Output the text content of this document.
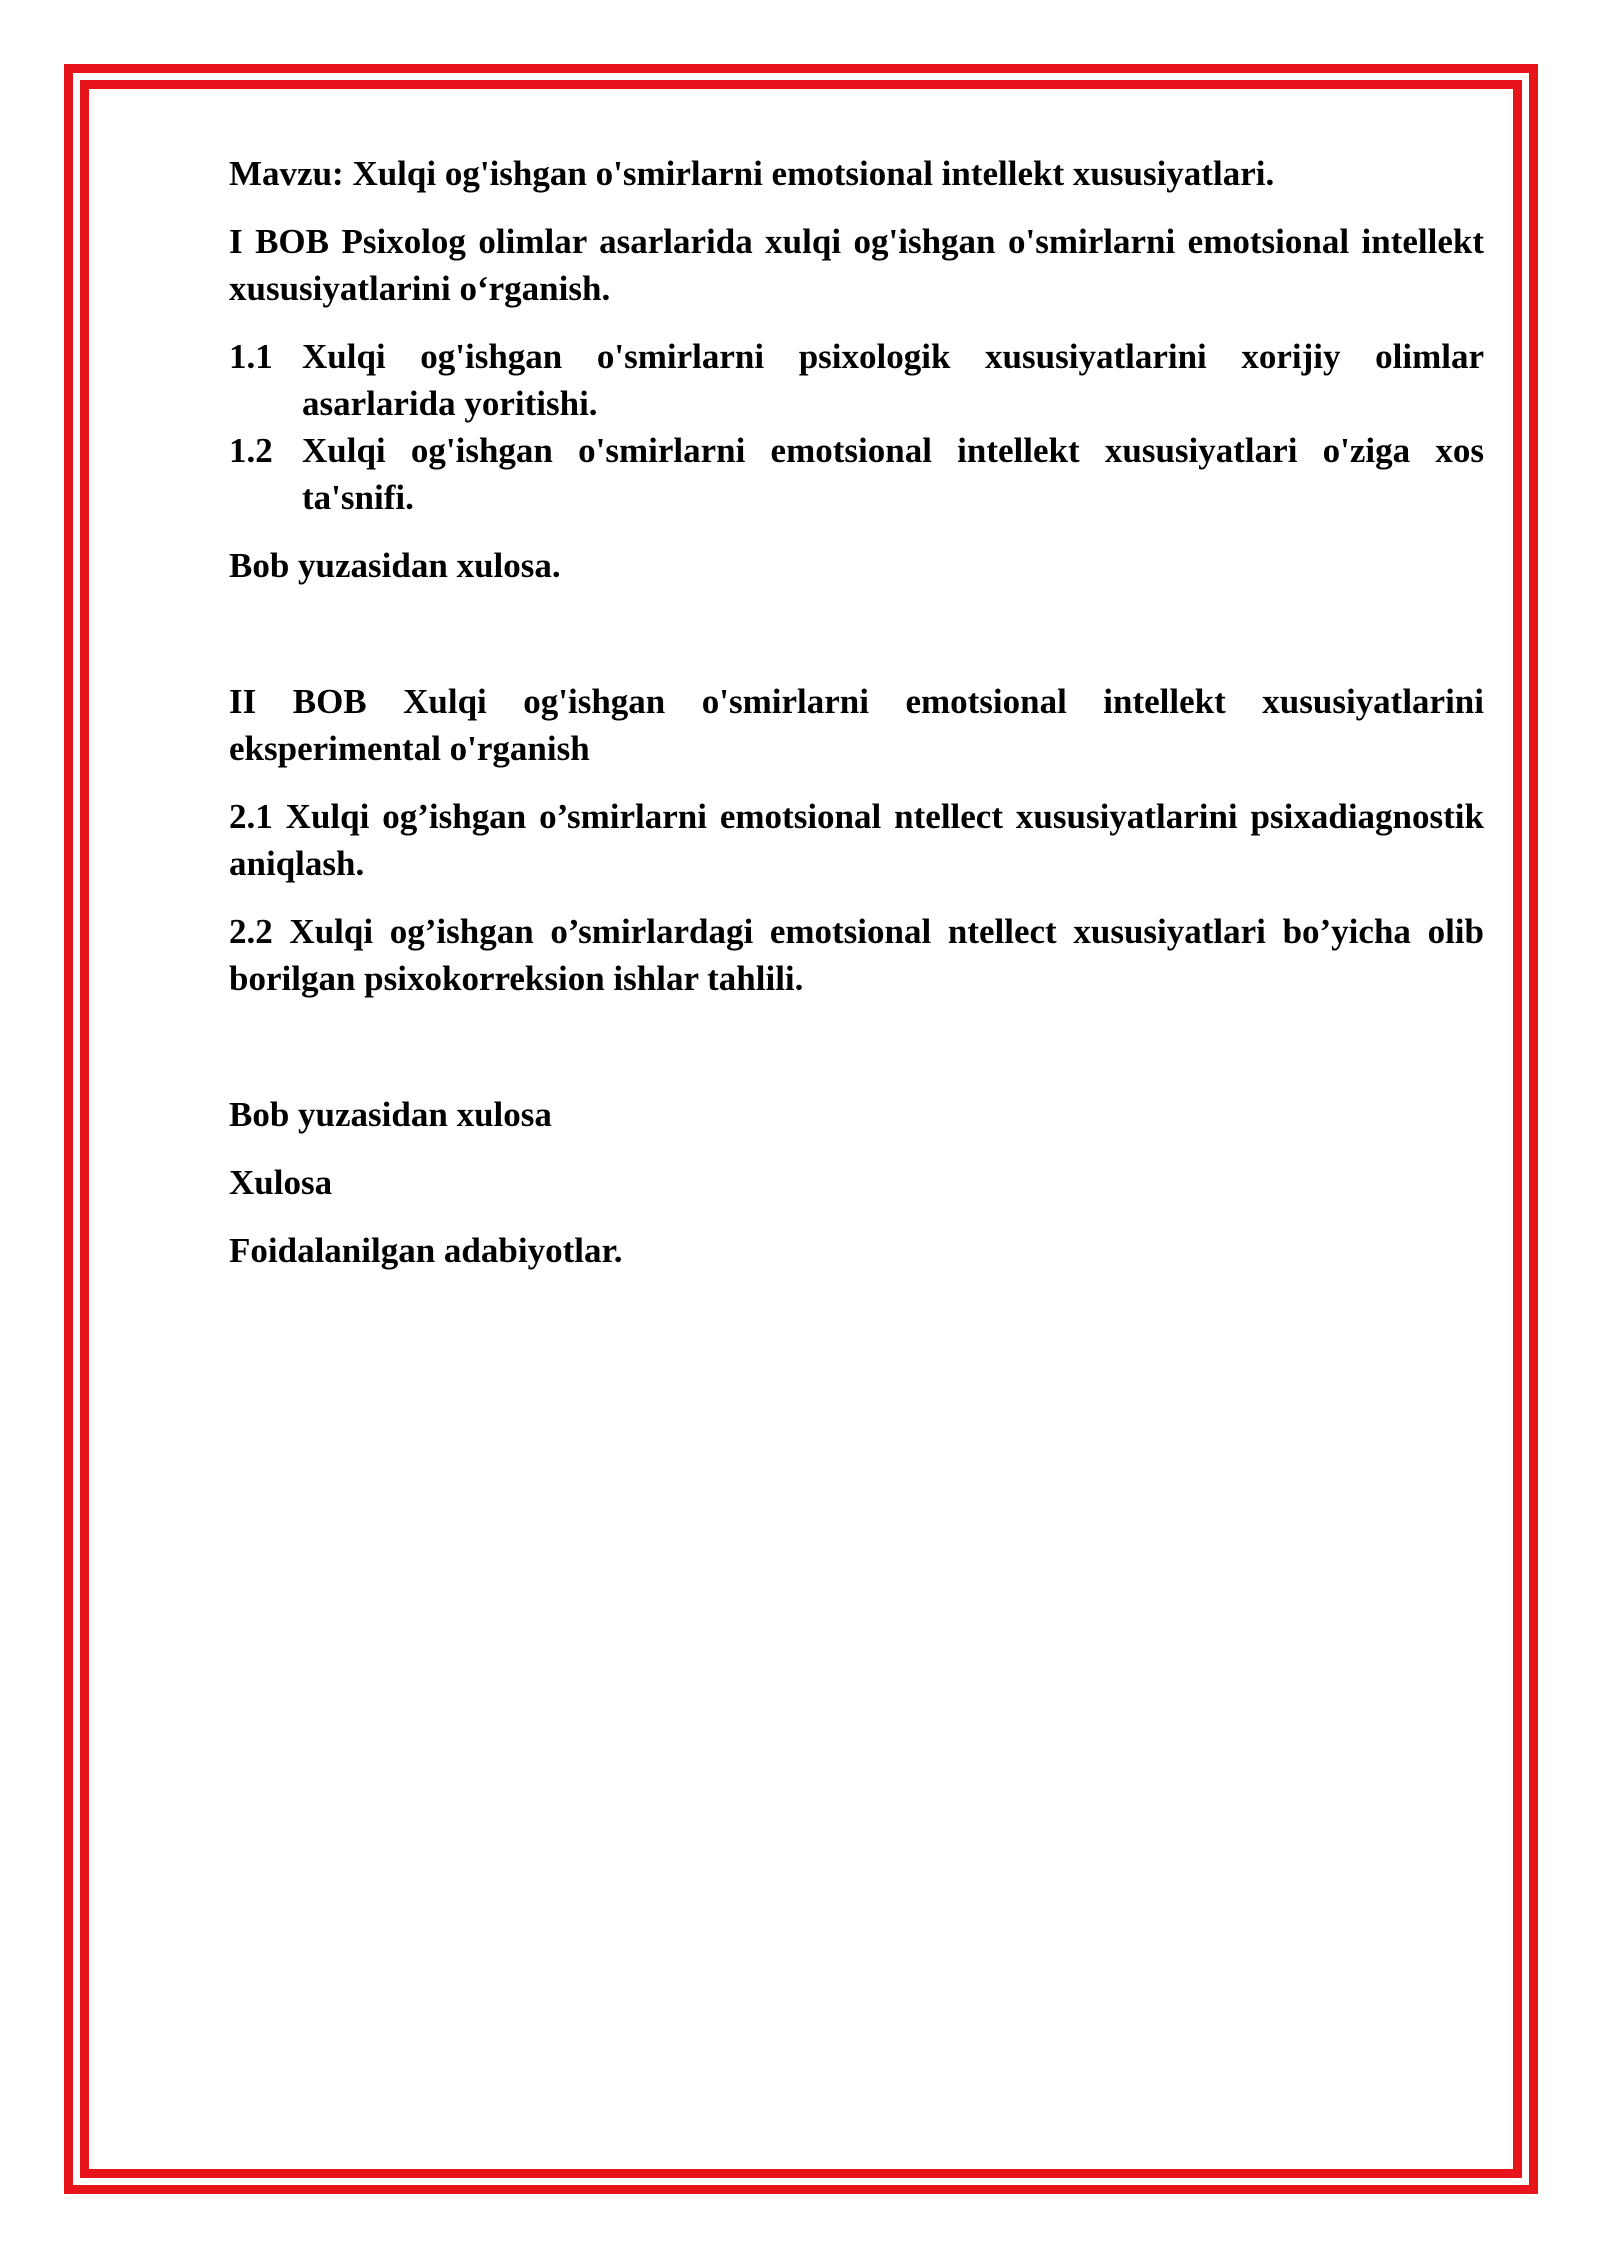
Mavzu: Xulqi og'ishgan o'smirlarni emotsional intellekt xususiyatlari.

I BOB Psixolog olimlar asarlarida xulqi og'ishgan o'smirlarni emotsional intellekt xususiyatlarini o‘rganish.

1.1 Xulqi og'ishgan o'smirlarni psixologik xususiyatlarini xorijiy olimlar asarlarida yoritishi.
1.2 Xulqi og'ishgan o'smirlarni emotsional intellekt xususiyatlari o'ziga xos ta'snifi.

Bob yuzasidan xulosa.

II BOB Xulqi og'ishgan o'smirlarni emotsional intellekt xususiyatlarini eksperimental o'rganish

2.1 Xulqi og’ishgan o’smirlarni emotsional ntellect xususiyatlarini psixadiagnostik aniqlash.

2.2 Xulqi og’ishgan o’smirlardagi emotsional ntellect xususiyatlari bo’yicha olib borilgan psixokorreksion ishlar tahlili.

Bob yuzasidan xulosa

Xulosa

Foidalanilgan adabiyotlar.
